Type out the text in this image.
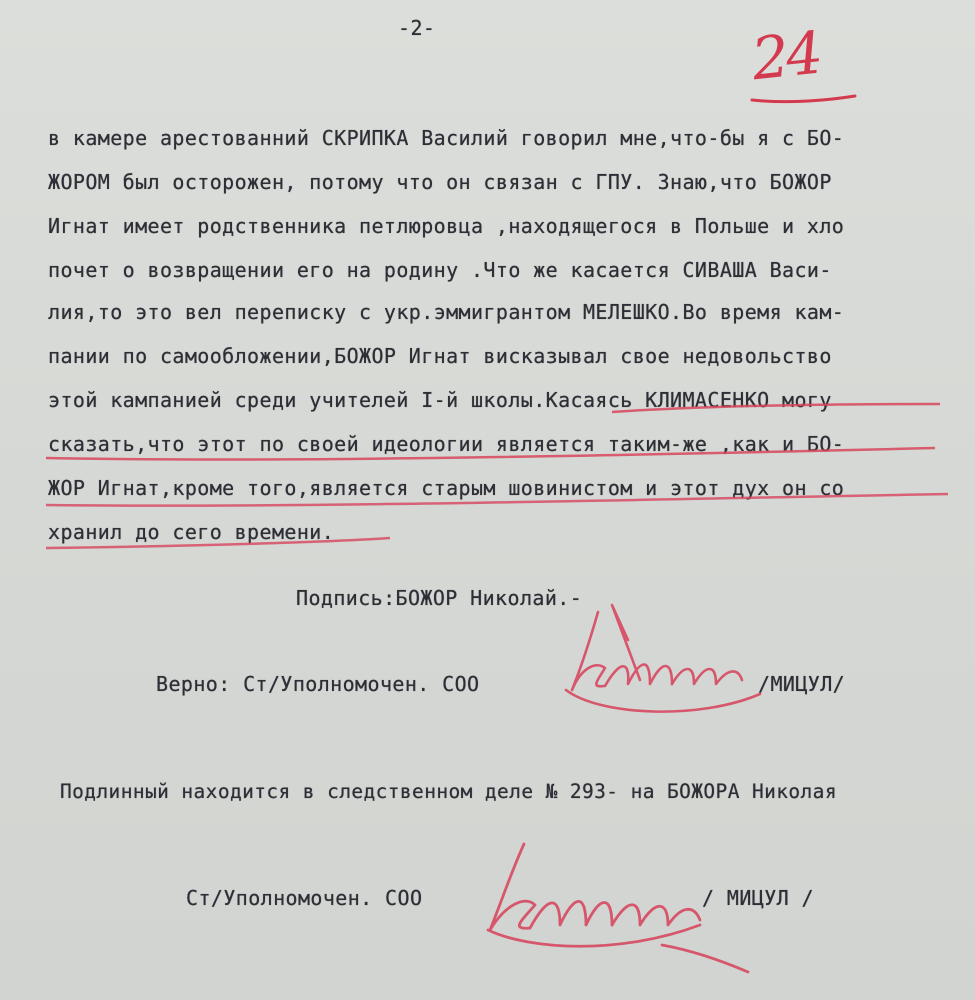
-2-	24
в камере арестованний СКРИПКА Василий говорил мне,что-бы я с БО-
ЖОРОМ был осторожен, потому что он связан с ГПУ. Знаю,что БОЖОР
Игнат имеет родственника петлюровца ,находящегося в Польше и хло
почет о возвращении его на родину .Что же касается СИВАША Васи-
лия,то это вел переписку с укр.эммигрантом МЕЛЕШКО.Во время кам-
пании по самообложении,БОЖОР Игнат висказывал свое недовольство
этой кампанией среди учителей I-й школы.Касаясь КЛИМАСЕНКО могу
сказать,что этот по своей идеологии является таким-же ,как и БО-
ЖОР Игнат,кроме того,является старым шовинистом и этот дух он со
хранил до сего времени.
Подпись:БОЖОР Николай.-
Верно: Ст/Уполномочен. СОО	/МИЦУЛ/
Подлинный находится в следственном деле № 293- на БОЖОРА Николая
Ст/Уполномочен. СОО	/ МИЦУЛ /
